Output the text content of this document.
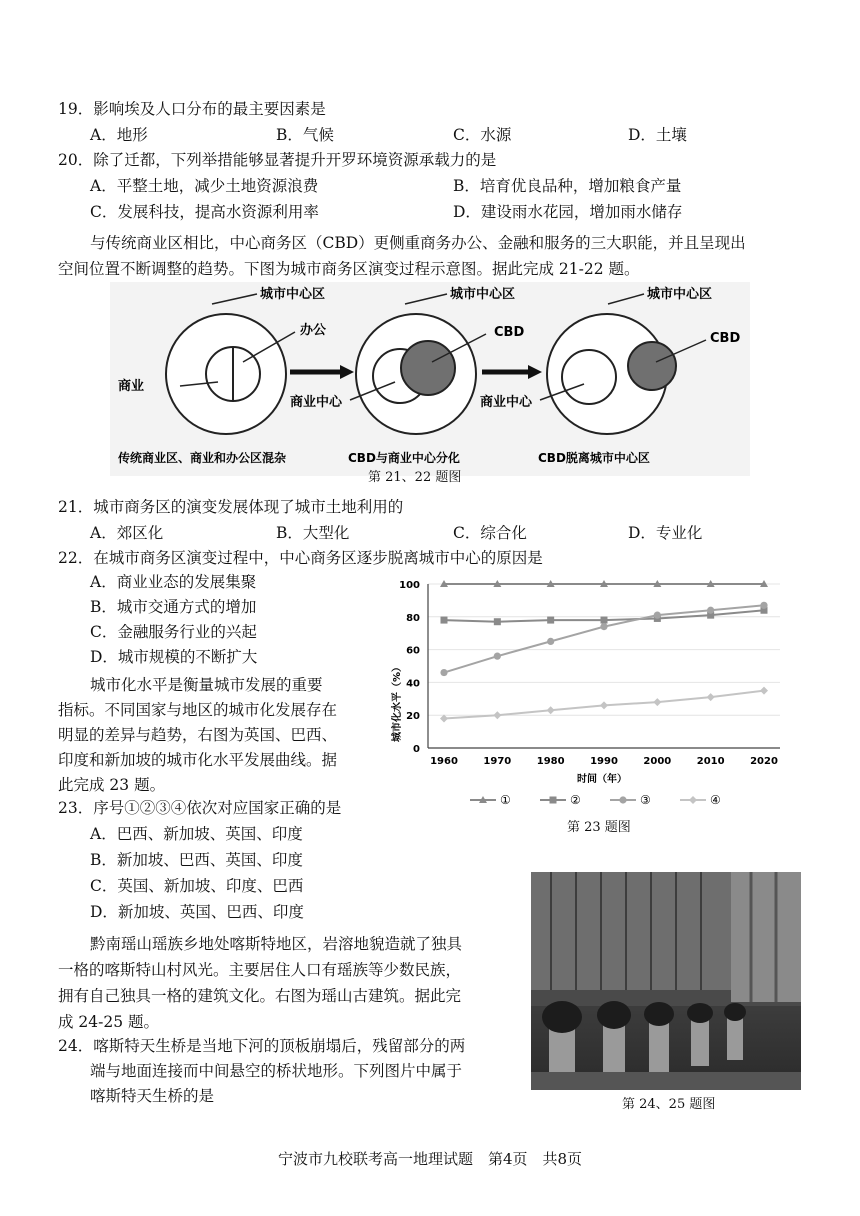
19．影响埃及人口分布的最主要因素是
A．地形	B．气候	C．水源	D．土壤
20．除了迁都，下列举措能够显著提升开罗环境资源承载力的是
A．平整土地，减少土地资源浪费	B．培育优良品种，增加粮食产量
C．发展科技，提高水资源利用率	D．建设雨水花园，增加雨水储存
与传统商业区相比，中心商务区（CBD）更侧重商务办公、金融和服务的三大职能，并且呈现出
空间位置不断调整的趋势。下图为城市商务区演变过程示意图。据此完成 21-22 题。
城市中心区
办公
商业
城市中心区
CBD
商业中心
城市中心区
CBD
商业中心
传统商业区、商业和办公区混杂	CBD与商业中心分化	CBD脱离城市中心区
第 21、22 题图
21．城市商务区的演变发展体现了城市土地利用的
A．郊区化	B．大型化	C．综合化	D．专业化
22．在城市商务区演变过程中，中心商务区逐步脱离城市中心的原因是
A．商业业态的发展集聚
B．城市交通方式的增加
C．金融服务行业的兴起
D．城市规模的不断扩大
城市化水平是衡量城市发展的重要
指标。不同国家与地区的城市化发展存在
明显的差异与趋势，右图为英国、巴西、
印度和新加坡的城市化水平发展曲线。据
此完成 23 题。
23．序号①②③④依次对应国家正确的是
A．巴西、新加坡、英国、印度
B．新加坡、巴西、英国、印度
C．英国、新加坡、印度、巴西
D．新加坡、英国、巴西、印度
0
20
40
60
80
100
1960	1970	1980	1990	2000	2010	2020
①	②	③	④
城市化水平（%）
时间（年）
第 23 题图
黔南瑶山瑶族乡地处喀斯特地区，岩溶地貌造就了独具
一格的喀斯特山村风光。主要居住人口有瑶族等少数民族，
拥有自己独具一格的建筑文化。右图为瑶山古建筑。据此完
成 24-25 题。
24．喀斯特天生桥是当地下河的顶板崩塌后，残留部分的两
端与地面连接而中间悬空的桥状地形。下列图片中属于
喀斯特天生桥的是	第 24、25 题图
宁波市九校联考高一地理试题　第4页　共8页
